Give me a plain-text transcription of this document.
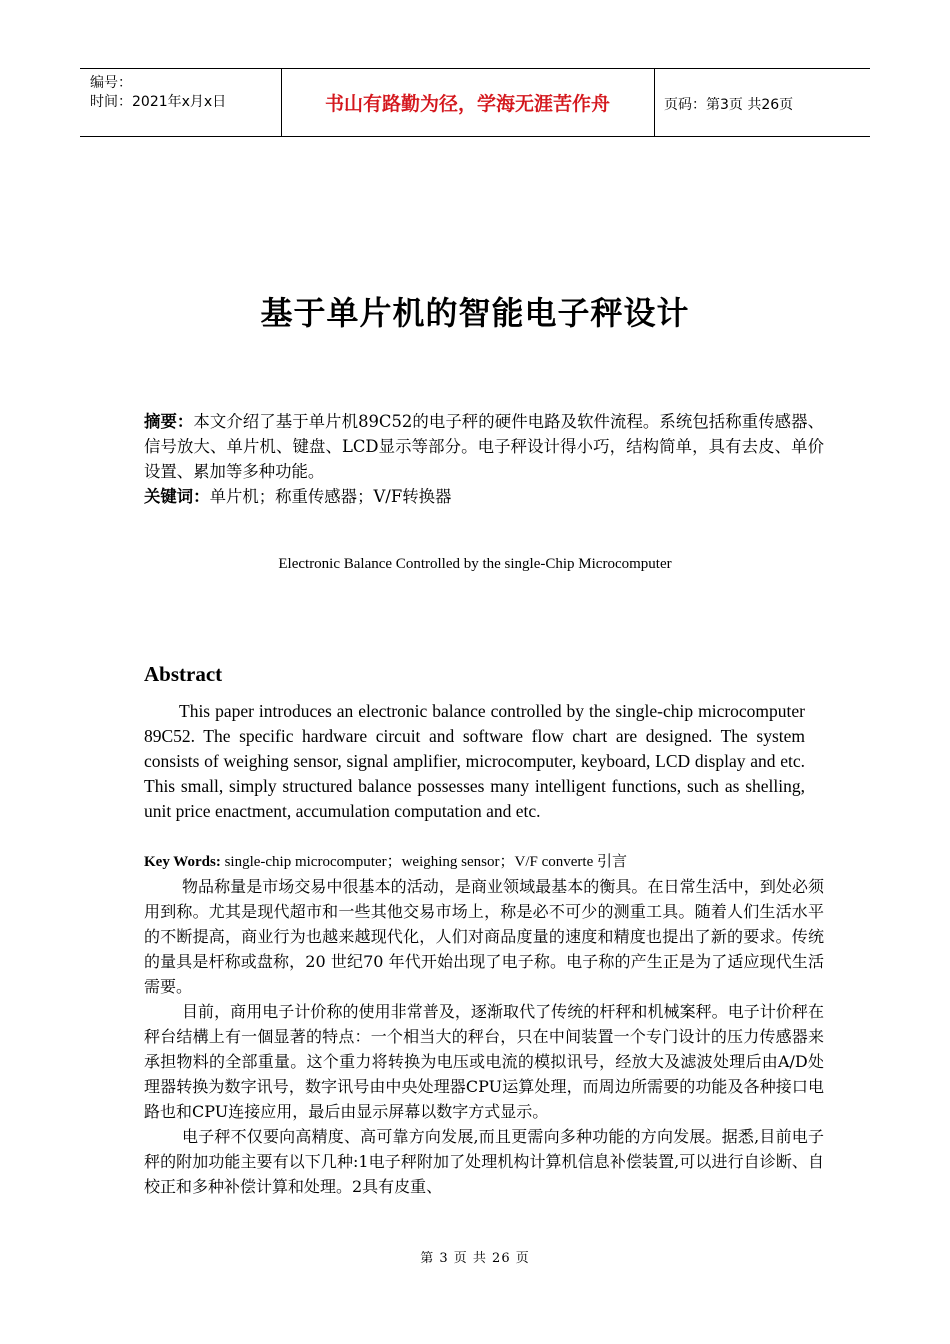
编号：
时间：2021年x月x日	书山有路勤为径，学海无涯苦作舟	页码：第3页 共26页
基于单片机的智能电子秤设计
摘要：本文介绍了基于单片机89C52的电子秤的硬件电路及软件流程。系统包括称重传感器、信号放大、单片机、键盘、LCD显示等部分。电子秤设计得小巧，结构简单，具有去皮、单价设置、累加等多种功能。
关键词：单片机；称重传感器；V/F转换器
Electronic Balance Controlled by the single-Chip Microcomputer
Abstract
This paper introduces an electronic balance controlled by the single-chip microcomputer 89C52. The specific hardware circuit and software flow chart are designed. The system consists of weighing sensor, signal amplifier, microcomputer, keyboard, LCD display and etc. This small, simply structured balance possesses many intelligent functions, such as shelling, unit price enactment, accumulation computation and etc.
Key Words: single-chip microcomputer；weighing sensor；V/F converte 引言

物品称量是市场交易中很基本的活动，是商业领域最基本的衡具。在日常生活中，到处必须用到称。尤其是现代超市和一些其他交易市场上，称是必不可少的测重工具。随着人们生活水平的不断提高，商业行为也越来越现代化，人们对商品度量的速度和精度也提出了新的要求。传统的量具是杆称或盘称，20 世纪70 年代开始出现了电子称。电子称的产生正是为了适应现代生活需要。

目前，商用电子计价称的使用非常普及，逐渐取代了传统的杆秤和机械案秤。电子计价秤在秤台结構上有一個显著的特点：一个相当大的秤台，只在中间装置一个专门设计的压力传感器来承担物料的全部重量。这个重力将转换为电压或电流的模拟讯号，经放大及滤波处理后由A/D处理器转换为数字讯号，数字讯号由中央处理器CPU运算处理，而周边所需要的功能及各种接口电路也和CPU连接应用，最后由显示屏幕以数字方式显示。

电子秤不仅要向高精度、高可靠方向发展,而且更需向多种功能的方向发展。据悉,目前电子秤的附加功能主要有以下几种:1电子秤附加了处理机构计算机信息补偿装置,可以进行自诊断、自校正和多种补偿计算和处理。2具有皮重、

第 3 页 共 26 页
